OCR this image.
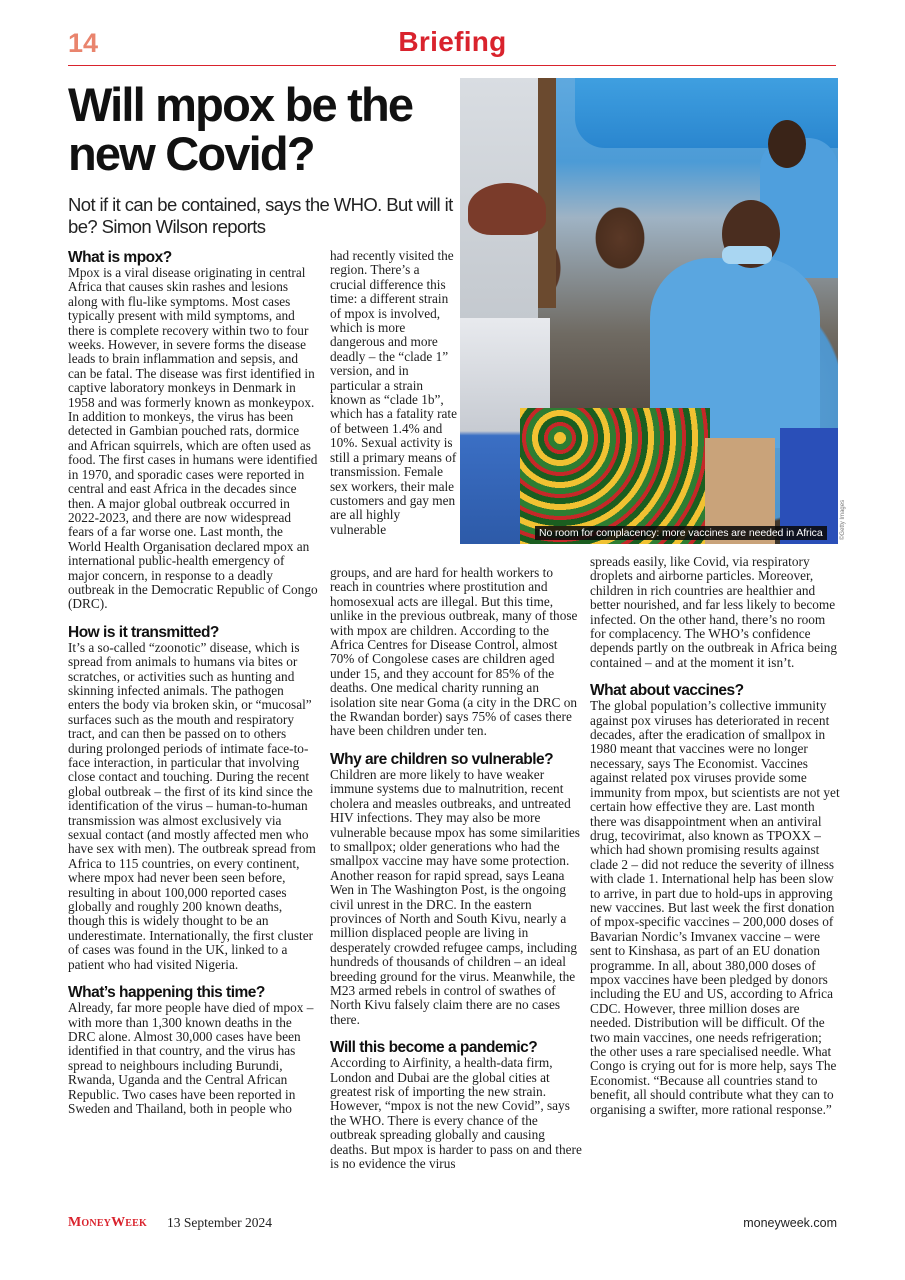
14	Briefing
Will mpox be the new Covid?

Not if it can be contained, says the WHO. But will it be? Simon Wilson reports

No room for complacency: more vaccines are needed in Africa	©Getty Images
What is mpox?

Mpox is a viral disease originating in central Africa that causes skin rashes and lesions along with flu-like symptoms. Most cases typically present with mild symptoms, and there is complete recovery within two to four weeks. However, in severe forms the disease leads to brain inflammation and sepsis, and can be fatal. The disease was first identified in captive laboratory monkeys in Denmark in 1958 and was formerly known as monkeypox. In addition to monkeys, the virus has been detected in Gambian pouched rats, dormice and African squirrels, which are often used as food. The first cases in humans were identified in 1970, and sporadic cases were reported in central and east Africa in the decades since then. A major global outbreak occurred in 2022-2023, and there are now widespread fears of a far worse one. Last month, the World Health Organisation declared mpox an international public-health emergency of major concern, in response to a deadly outbreak in the Democratic Republic of Congo (DRC).

How is it transmitted?

It’s a so-called “zoonotic” disease, which is spread from animals to humans via bites or scratches, or activities such as hunting and skinning infected animals. The pathogen enters the body via broken skin, or “mucosal” surfaces such as the mouth and respiratory tract, and can then be passed on to others during prolonged periods of intimate face-to-face interaction, in particular that involving close contact and touching. During the recent global outbreak – the first of its kind since the identification of the virus – human-to-human transmission was almost exclusively via sexual contact (and mostly affected men who have sex with men). The outbreak spread from Africa to 115 countries, on every continent, where mpox had never been seen before, resulting in about 100,000 reported cases globally and roughly 200 known deaths, though this is widely thought to be an underestimate. Internationally, the first cluster of cases was found in the UK, linked to a patient who had visited Nigeria.

What’s happening this time?

Already, far more people have died of mpox – with more than 1,300 known deaths in the DRC alone. Almost 30,000 cases have been identified in that country, and the virus has spread to neighbours including Burundi, Rwanda, Uganda and the Central African Republic. Two cases have been reported in Sweden and Thailand, both in people who

had recently visited the region. There’s a crucial difference this time: a different strain of mpox is involved, which is more dangerous and more deadly – the “clade 1” version, and in particular a strain known as “clade 1b”, which has a fatality rate of between 1.4% and 10%. Sexual activity is still a primary means of transmission. Female sex workers, their male customers and gay men are all highly vulnerable

groups, and are hard for health workers to reach in countries where prostitution and homosexual acts are illegal. But this time, unlike in the previous outbreak, many of those with mpox are children. According to the Africa Centres for Disease Control, almost 70% of Congolese cases are children aged under 15, and they account for 85% of the deaths. One medical charity running an isolation site near Goma (a city in the DRC on the Rwandan border) says 75% of cases there have been children under ten.

Why are children so vulnerable?

Children are more likely to have weaker immune systems due to malnutrition, recent cholera and measles outbreaks, and untreated HIV infections. They may also be more vulnerable because mpox has some similarities to smallpox; older generations who had the smallpox vaccine may have some protection. Another reason for rapid spread, says Leana Wen in The Washington Post, is the ongoing civil unrest in the DRC. In the eastern provinces of North and South Kivu, nearly a million displaced people are living in desperately crowded refugee camps, including hundreds of thousands of children – an ideal breeding ground for the virus. Meanwhile, the M23 armed rebels in control of swathes of North Kivu falsely claim there are no cases there.

Will this become a pandemic?

According to Airfinity, a health-data firm, London and Dubai are the global cities at greatest risk of importing the new strain. However, “mpox is not the new Covid”, says the WHO. There is every chance of the outbreak spreading globally and causing deaths. But mpox is harder to pass on and there is no evidence the virus

spreads easily, like Covid, via respiratory droplets and airborne particles. Moreover, children in rich countries are healthier and better nourished, and far less likely to become infected. On the other hand, there’s no room for complacency. The WHO’s confidence depends partly on the outbreak in Africa being contained – and at the moment it isn’t.

What about vaccines?

The global population’s collective immunity against pox viruses has deteriorated in recent decades, after the eradication of smallpox in 1980 meant that vaccines were no longer necessary, says The Economist. Vaccines against related pox viruses provide some immunity from mpox, but scientists are not yet certain how effective they are. Last month there was disappointment when an antiviral drug, tecovirimat, also known as TPOXX – which had shown promising results against clade 2 – did not reduce the severity of illness with clade 1. International help has been slow to arrive, in part due to hold-ups in approving new vaccines. But last week the first donation of mpox-specific vaccines – 200,000 doses of Bavarian Nordic’s Imvanex vaccine – were sent to Kinshasa, as part of an EU donation programme. In all, about 380,000 doses of mpox vaccines have been pledged by donors including the EU and US, according to Africa CDC. However, three million doses are needed. Distribution will be difficult. Of the two main vaccines, one needs refrigeration; the other uses a rare specialised needle. What Congo is crying out for is more help, says The Economist. “Because all countries stand to benefit, all should contribute what they can to organising a swifter, more rational response.”

MoneyWeek 13 September 2024	moneyweek.com
